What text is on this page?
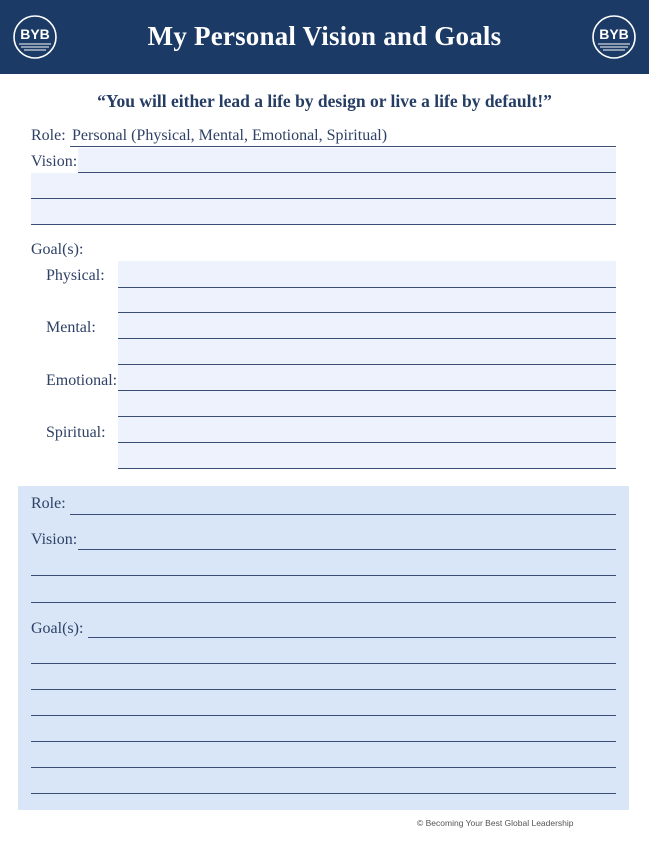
BYB	My Personal Vision and Goals	BYB
“You will either lead a life by design or live a life by default!”
Role: Personal (Physical, Mental, Emotional, Spiritual)
Vision:
Goal(s):
Physical:
Mental:
Emotional:
Spiritual:
Role:
Vision:
Goal(s):
© Becoming Your Best Global Leadership
